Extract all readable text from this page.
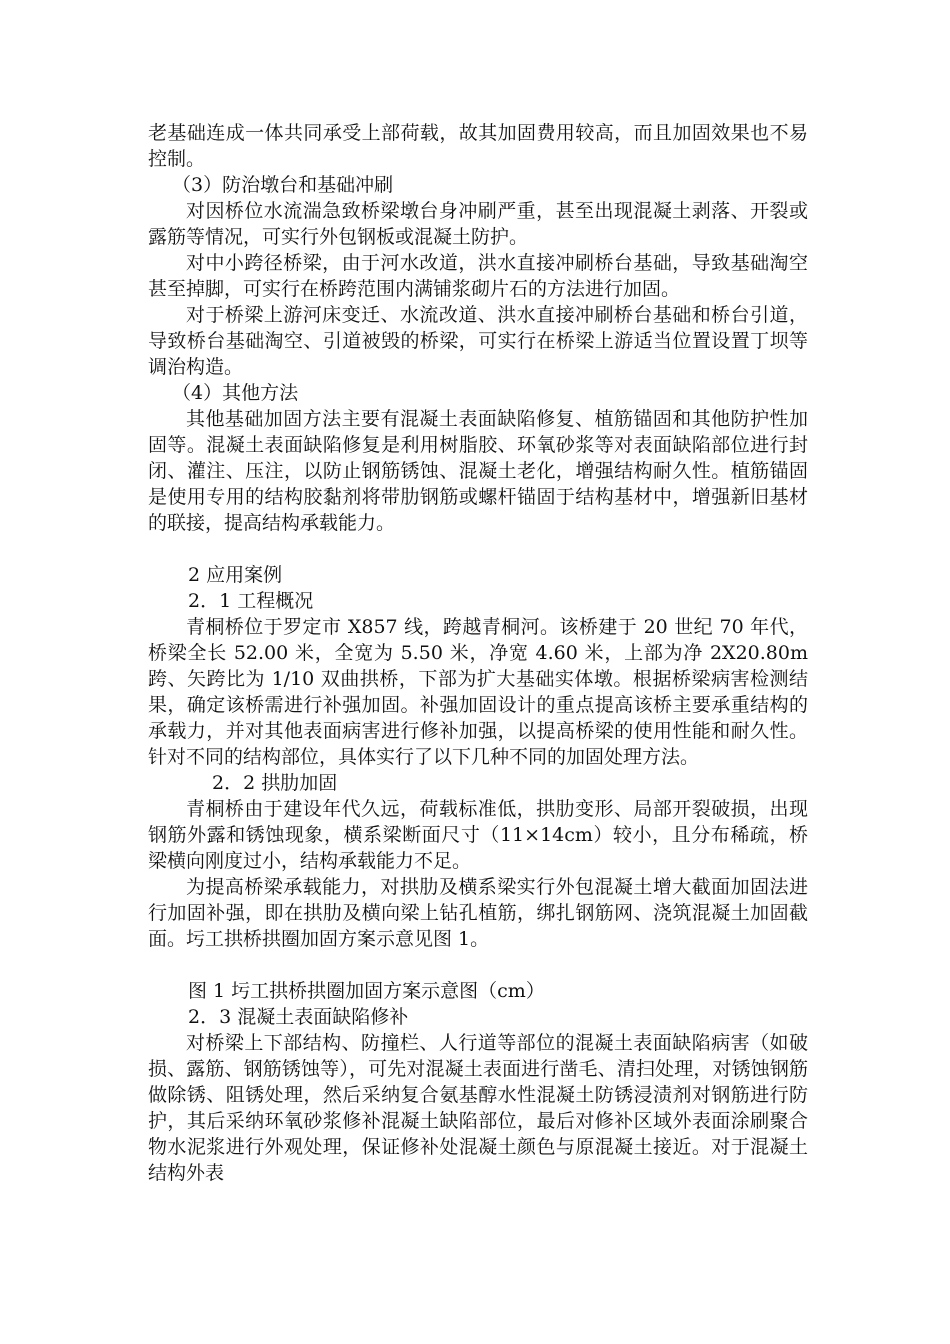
老基础连成一体共同承受上部荷载，故其加固费用较高，而且加固效果也不易控制。

（3）防治墩台和基础冲刷

对因桥位水流湍急致桥梁墩台身冲刷严重，甚至出现混凝土剥落、开裂或露筋等情况，可实行外包钢板或混凝土防护。

对中小跨径桥梁，由于河水改道，洪水直接冲刷桥台基础，导致基础淘空甚至掉脚，可实行在桥跨范围内满铺浆砌片石的方法进行加固。

对于桥梁上游河床变迁、水流改道、洪水直接冲刷桥台基础和桥台引道，导致桥台基础淘空、引道被毁的桥梁，可实行在桥梁上游适当位置设置丁坝等调治构造。

（4）其他方法

其他基础加固方法主要有混凝土表面缺陷修复、植筋锚固和其他防护性加固等。混凝土表面缺陷修复是利用树脂胶、环氧砂浆等对表面缺陷部位进行封闭、灌注、压注，以防止钢筋锈蚀、混凝土老化，增强结构耐久性。植筋锚固是使用专用的结构胶黏剂将带肋钢筋或螺杆锚固于结构基材中，增强新旧基材的联接，提高结构承载能力。

2 应用案例

2．1 工程概况

青桐桥位于罗定市 X857 线，跨越青桐河。该桥建于 20 世纪 70 年代，桥梁全长 52.00 米，全宽为 5.50 米，净宽 4.60 米，上部为净 2X20.80m 跨、矢跨比为 1/10 双曲拱桥，下部为扩大基础实体墩。根据桥梁病害检测结果，确定该桥需进行补强加固。补强加固设计的重点提高该桥主要承重结构的承载力，并对其他表面病害进行修补加强，以提高桥梁的使用性能和耐久性。针对不同的结构部位，具体实行了以下几种不同的加固处理方法。

2．2 拱肋加固

青桐桥由于建设年代久远，荷载标准低，拱肋变形、局部开裂破损，出现钢筋外露和锈蚀现象，横系梁断面尺寸（11×14cm）较小，且分布稀疏，桥梁横向刚度过小，结构承载能力不足。

为提高桥梁承载能力，对拱肋及横系梁实行外包混凝土增大截面加固法进行加固补强，即在拱肋及横向梁上钻孔植筋，绑扎钢筋网、浇筑混凝土加固截面。圬工拱桥拱圈加固方案示意见图 1。

图 1 圬工拱桥拱圈加固方案示意图（cm）

2．3 混凝土表面缺陷修补

对桥梁上下部结构、防撞栏、人行道等部位的混凝土表面缺陷病害（如破损、露筋、钢筋锈蚀等），可先对混凝土表面进行凿毛、清扫处理，对锈蚀钢筋做除锈、阻锈处理，然后采纳复合氨基醇水性混凝土防锈浸渍剂对钢筋进行防护，其后采纳环氧砂浆修补混凝土缺陷部位，最后对修补区域外表面涂刷聚合物水泥浆进行外观处理，保证修补处混凝土颜色与原混凝土接近。对于混凝土结构外表
